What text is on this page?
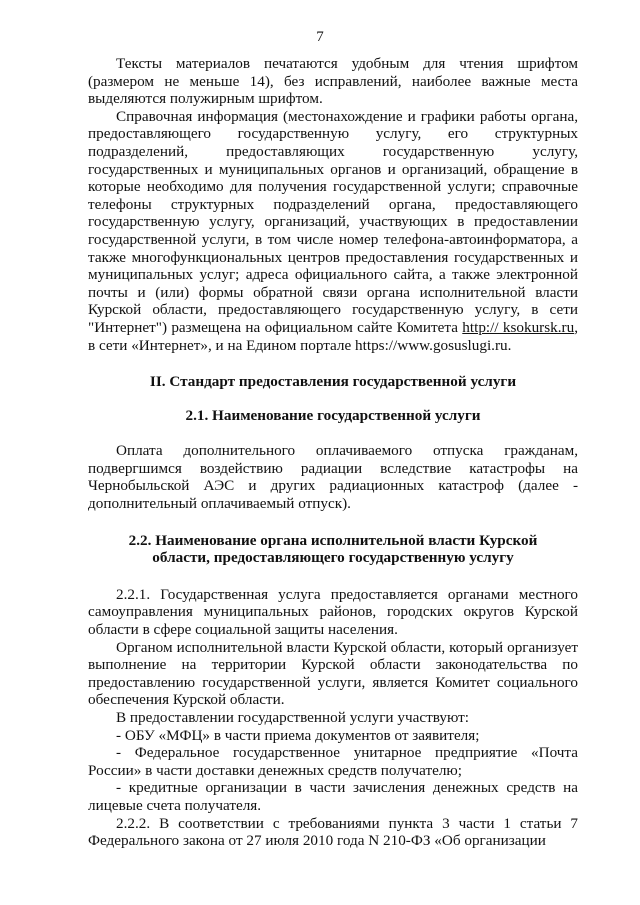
7

Тексты материалов печатаются удобным для чтения шрифтом (размером не меньше 14), без исправлений, наиболее важные места выделяются полужирным шрифтом.

Справочная информация (местонахождение и графики работы органа, предоставляющего государственную услугу, его структурных подразделений, предоставляющих государственную услугу, государственных и муниципальных органов и организаций, обращение в которые необходимо для получения государственной услуги; справочные телефоны структурных подразделений органа, предоставляющего государственную услугу, организаций, участвующих в предоставлении государственной услуги, в том числе номер телефона-автоинформатора, а также многофункциональных центров предоставления государственных и муниципальных услуг; адреса официального сайта, а также электронной почты и (или) формы обратной связи органа исполнительной власти Курской области, предоставляющего государственную услугу, в сети "Интернет") размещена на официальном сайте Комитета http:// ksokursk.ru, в сети «Интернет», и на Едином портале https://www.gosuslugi.ru.

II. Стандарт предоставления государственной услуги

2.1. Наименование государственной услуги

Оплата дополнительного оплачиваемого отпуска гражданам, подвергшимся воздействию радиации вследствие катастрофы на Чернобыльской АЭС и других радиационных катастроф (далее - дополнительный оплачиваемый отпуск).

2.2. Наименование органа исполнительной власти Курской области, предоставляющего государственную услугу

2.2.1. Государственная услуга предоставляется органами местного самоуправления муниципальных районов, городских округов Курской области в сфере социальной защиты населения.

Органом исполнительной власти Курской области, который организует выполнение на территории Курской области законодательства по предоставлению государственной услуги, является Комитет социального обеспечения Курской области.

В предоставлении государственной услуги участвуют:

- ОБУ «МФЦ» в части приема документов от заявителя;

- Федеральное государственное унитарное предприятие «Почта России» в части доставки денежных средств получателю;

- кредитные организации в части зачисления денежных средств на лицевые счета получателя.

2.2.2. В соответствии с требованиями пункта 3 части 1 статьи 7 Федерального закона от 27 июля 2010 года N 210-ФЗ «Об организации
